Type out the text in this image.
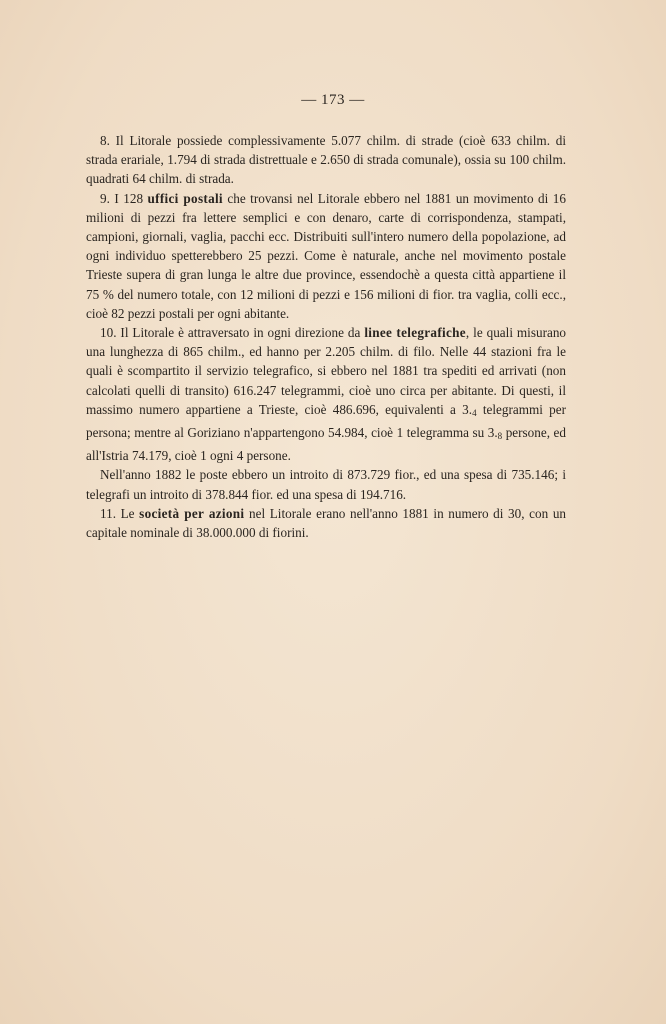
— 173 —

8. Il Litorale possiede complessivamente 5.077 chilm. di strade (cioè 633 chilm. di strada erariale, 1.794 di strada distrettuale e 2.650 di strada comunale), ossia su 100 chilm. quadrati 64 chilm. di strada.

9. I 128 uffici postali che trovansi nel Litorale ebbero nel 1881 un movimento di 16 milioni di pezzi fra lettere semplici e con denaro, carte di corrispondenza, stampati, campioni, giornali, vaglia, pacchi ecc. Distribuiti sull'intero numero della popolazione, ad ogni individuo spetterebbero 25 pezzi. Come è naturale, anche nel movimento postale Trieste supera di gran lunga le altre due province, essendochè a questa città appartiene il 75 % del numero totale, con 12 milioni di pezzi e 156 milioni di fior. tra vaglia, colli ecc., cioè 82 pezzi postali per ogni abitante.

10. Il Litorale è attraversato in ogni direzione da linee telegrafiche, le quali misurano una lunghezza di 865 chilm., ed hanno per 2.205 chilm. di filo. Nelle 44 stazioni fra le quali è scompartito il servizio telegrafico, si ebbero nel 1881 tra spediti ed arrivati (non calcolati quelli di transito) 616.247 telegrammi, cioè uno circa per abitante. Di questi, il massimo numero appartiene a Trieste, cioè 486.696, equivalenti a $3._4$ telegrammi per persona; mentre al Goriziano n'appartengono 54.984, cioè 1 telegramma su $3._8$ persone, ed all'Istria 74.179, cioè 1 ogni 4 persone.

Nell'anno 1882 le poste ebbero un introito di 873.729 fior., ed una spesa di 735.146; i telegrafi un introito di 378.844 fior. ed una spesa di 194.716.

11. Le società per azioni nel Litorale erano nell'anno 1881 in numero di 30, con un capitale nominale di 38.000.000 di fiorini.
